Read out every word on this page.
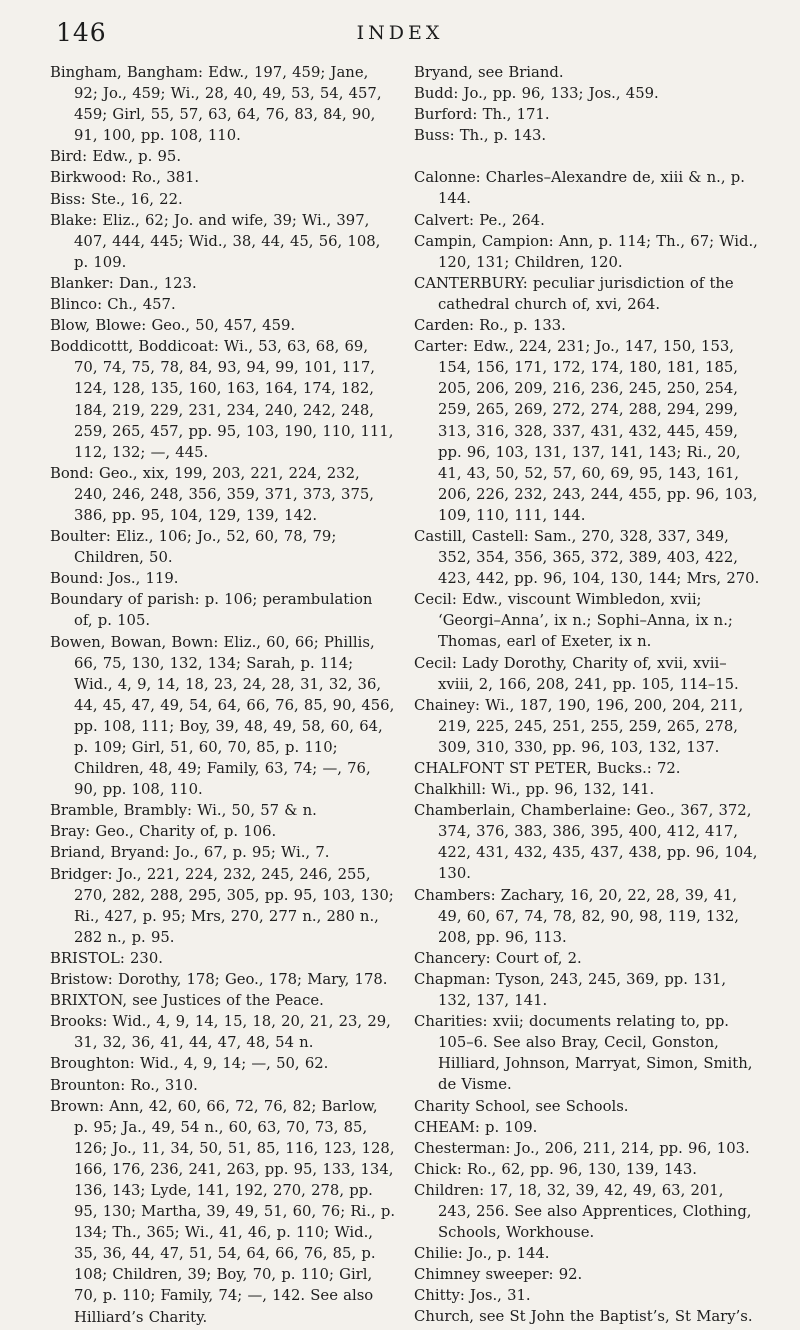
146	INDEX

Bingham, Bangham: Edw., 197, 459; Jane, 92; Jo., 459; Wi., 28, 40, 49, 53, 54, 457, 459; Girl, 55, 57, 63, 64, 76, 83, 84, 90, 91, 100, pp. 108, 110.

Bird: Edw., p. 95.

Birkwood: Ro., 381.

Biss: Ste., 16, 22.

Blake: Eliz., 62; Jo. and wife, 39; Wi., 397, 407, 444, 445; Wid., 38, 44, 45, 56, 108, p. 109.

Blanker: Dan., 123.

Blinco: Ch., 457.

Blow, Blowe: Geo., 50, 457, 459.

Boddicottt, Boddicoat: Wi., 53, 63, 68, 69, 70, 74, 75, 78, 84, 93, 94, 99, 101, 117, 124, 128, 135, 160, 163, 164, 174, 182, 184, 219, 229, 231, 234, 240, 242, 248, 259, 265, 457, pp. 95, 103, 190, 110, 111, 112, 132; —, 445.

Bond: Geo., xix, 199, 203, 221, 224, 232, 240, 246, 248, 356, 359, 371, 373, 375, 386, pp. 95, 104, 129, 139, 142.

Boulter: Eliz., 106; Jo., 52, 60, 78, 79; Children, 50.

Bound: Jos., 119.

Boundary of parish: p. 106; perambulation of, p. 105.

Bowen, Bowan, Bown: Eliz., 60, 66; Phillis, 66, 75, 130, 132, 134; Sarah, p. 114; Wid., 4, 9, 14, 18, 23, 24, 28, 31, 32, 36, 44, 45, 47, 49, 54, 64, 66, 76, 85, 90, 456, pp. 108, 111; Boy, 39, 48, 49, 58, 60, 64, p. 109; Girl, 51, 60, 70, 85, p. 110; Children, 48, 49; Family, 63, 74; —, 76, 90, pp. 108, 110.

Bramble, Brambly: Wi., 50, 57 & n.

Bray: Geo., Charity of, p. 106.

Briand, Bryand: Jo., 67, p. 95; Wi., 7.

Bridger: Jo., 221, 224, 232, 245, 246, 255, 270, 282, 288, 295, 305, pp. 95, 103, 130; Ri., 427, p. 95; Mrs, 270, 277 n., 280 n., 282 n., p. 95.

BRISTOL: 230.

Bristow: Dorothy, 178; Geo., 178; Mary, 178.

BRIXTON, see Justices of the Peace.

Brooks: Wid., 4, 9, 14, 15, 18, 20, 21, 23, 29, 31, 32, 36, 41, 44, 47, 48, 54 n.

Broughton: Wid., 4, 9, 14; —, 50, 62.

Brounton: Ro., 310.

Brown: Ann, 42, 60, 66, 72, 76, 82; Barlow, p. 95; Ja., 49, 54 n., 60, 63, 70, 73, 85, 126; Jo., 11, 34, 50, 51, 85, 116, 123, 128, 166, 176, 236, 241, 263, pp. 95, 133, 134, 136, 143; Lyde, 141, 192, 270, 278, pp. 95, 130; Martha, 39, 49, 51, 60, 76; Ri., p. 134; Th., 365; Wi., 41, 46, p. 110; Wid., 35, 36, 44, 47, 51, 54, 64, 66, 76, 85, p. 108; Children, 39; Boy, 70, p. 110; Girl, 70, p. 110; Family, 74; —, 142. See also Hilliard’s Charity.

Bryand, see Briand.

Budd: Jo., pp. 96, 133; Jos., 459.

Burford: Th., 171.

Buss: Th., p. 143.

Calonne: Charles–Alexandre de, xiii & n., p. 144.

Calvert: Pe., 264.

Campin, Campion: Ann, p. 114; Th., 67; Wid., 120, 131; Children, 120.

CANTERBURY: peculiar jurisdiction of the cathedral church of, xvi, 264.

Carden: Ro., p. 133.

Carter: Edw., 224, 231; Jo., 147, 150, 153, 154, 156, 171, 172, 174, 180, 181, 185, 205, 206, 209, 216, 236, 245, 250, 254, 259, 265, 269, 272, 274, 288, 294, 299, 313, 316, 328, 337, 431, 432, 445, 459, pp. 96, 103, 131, 137, 141, 143; Ri., 20, 41, 43, 50, 52, 57, 60, 69, 95, 143, 161, 206, 226, 232, 243, 244, 455, pp. 96, 103, 109, 110, 111, 144.

Castill, Castell: Sam., 270, 328, 337, 349, 352, 354, 356, 365, 372, 389, 403, 422, 423, 442, pp. 96, 104, 130, 144; Mrs, 270.

Cecil: Edw., viscount Wimbledon, xvii; ‘Georgi–Anna’, ix n.; Sophi–Anna, ix n.; Thomas, earl of Exeter, ix n.

Cecil: Lady Dorothy, Charity of, xvii, xvii–xviii, 2, 166, 208, 241, pp. 105, 114–15.

Chainey: Wi., 187, 190, 196, 200, 204, 211, 219, 225, 245, 251, 255, 259, 265, 278, 309, 310, 330, pp. 96, 103, 132, 137.

CHALFONT ST PETER, Bucks.: 72.

Chalkhill: Wi., pp. 96, 132, 141.

Chamberlain, Chamberlaine: Geo., 367, 372, 374, 376, 383, 386, 395, 400, 412, 417, 422, 431, 432, 435, 437, 438, pp. 96, 104, 130.

Chambers: Zachary, 16, 20, 22, 28, 39, 41, 49, 60, 67, 74, 78, 82, 90, 98, 119, 132, 208, pp. 96, 113.

Chancery: Court of, 2.

Chapman: Tyson, 243, 245, 369, pp. 131, 132, 137, 141.

Charities: xvii; documents relating to, pp. 105–6. See also Bray, Cecil, Gonston, Hilliard, Johnson, Marryat, Simon, Smith, de Visme.

Charity School, see Schools.

CHEAM: p. 109.

Chesterman: Jo., 206, 211, 214, pp. 96, 103.

Chick: Ro., 62, pp. 96, 130, 139, 143.

Children: 17, 18, 32, 39, 42, 49, 63, 201, 243, 256. See also Apprentices, Clothing, Schools, Workhouse.

Chilie: Jo., p. 144.

Chimney sweeper: 92.

Chitty: Jos., 31.

Church, see St John the Baptist’s, St Mary’s.
